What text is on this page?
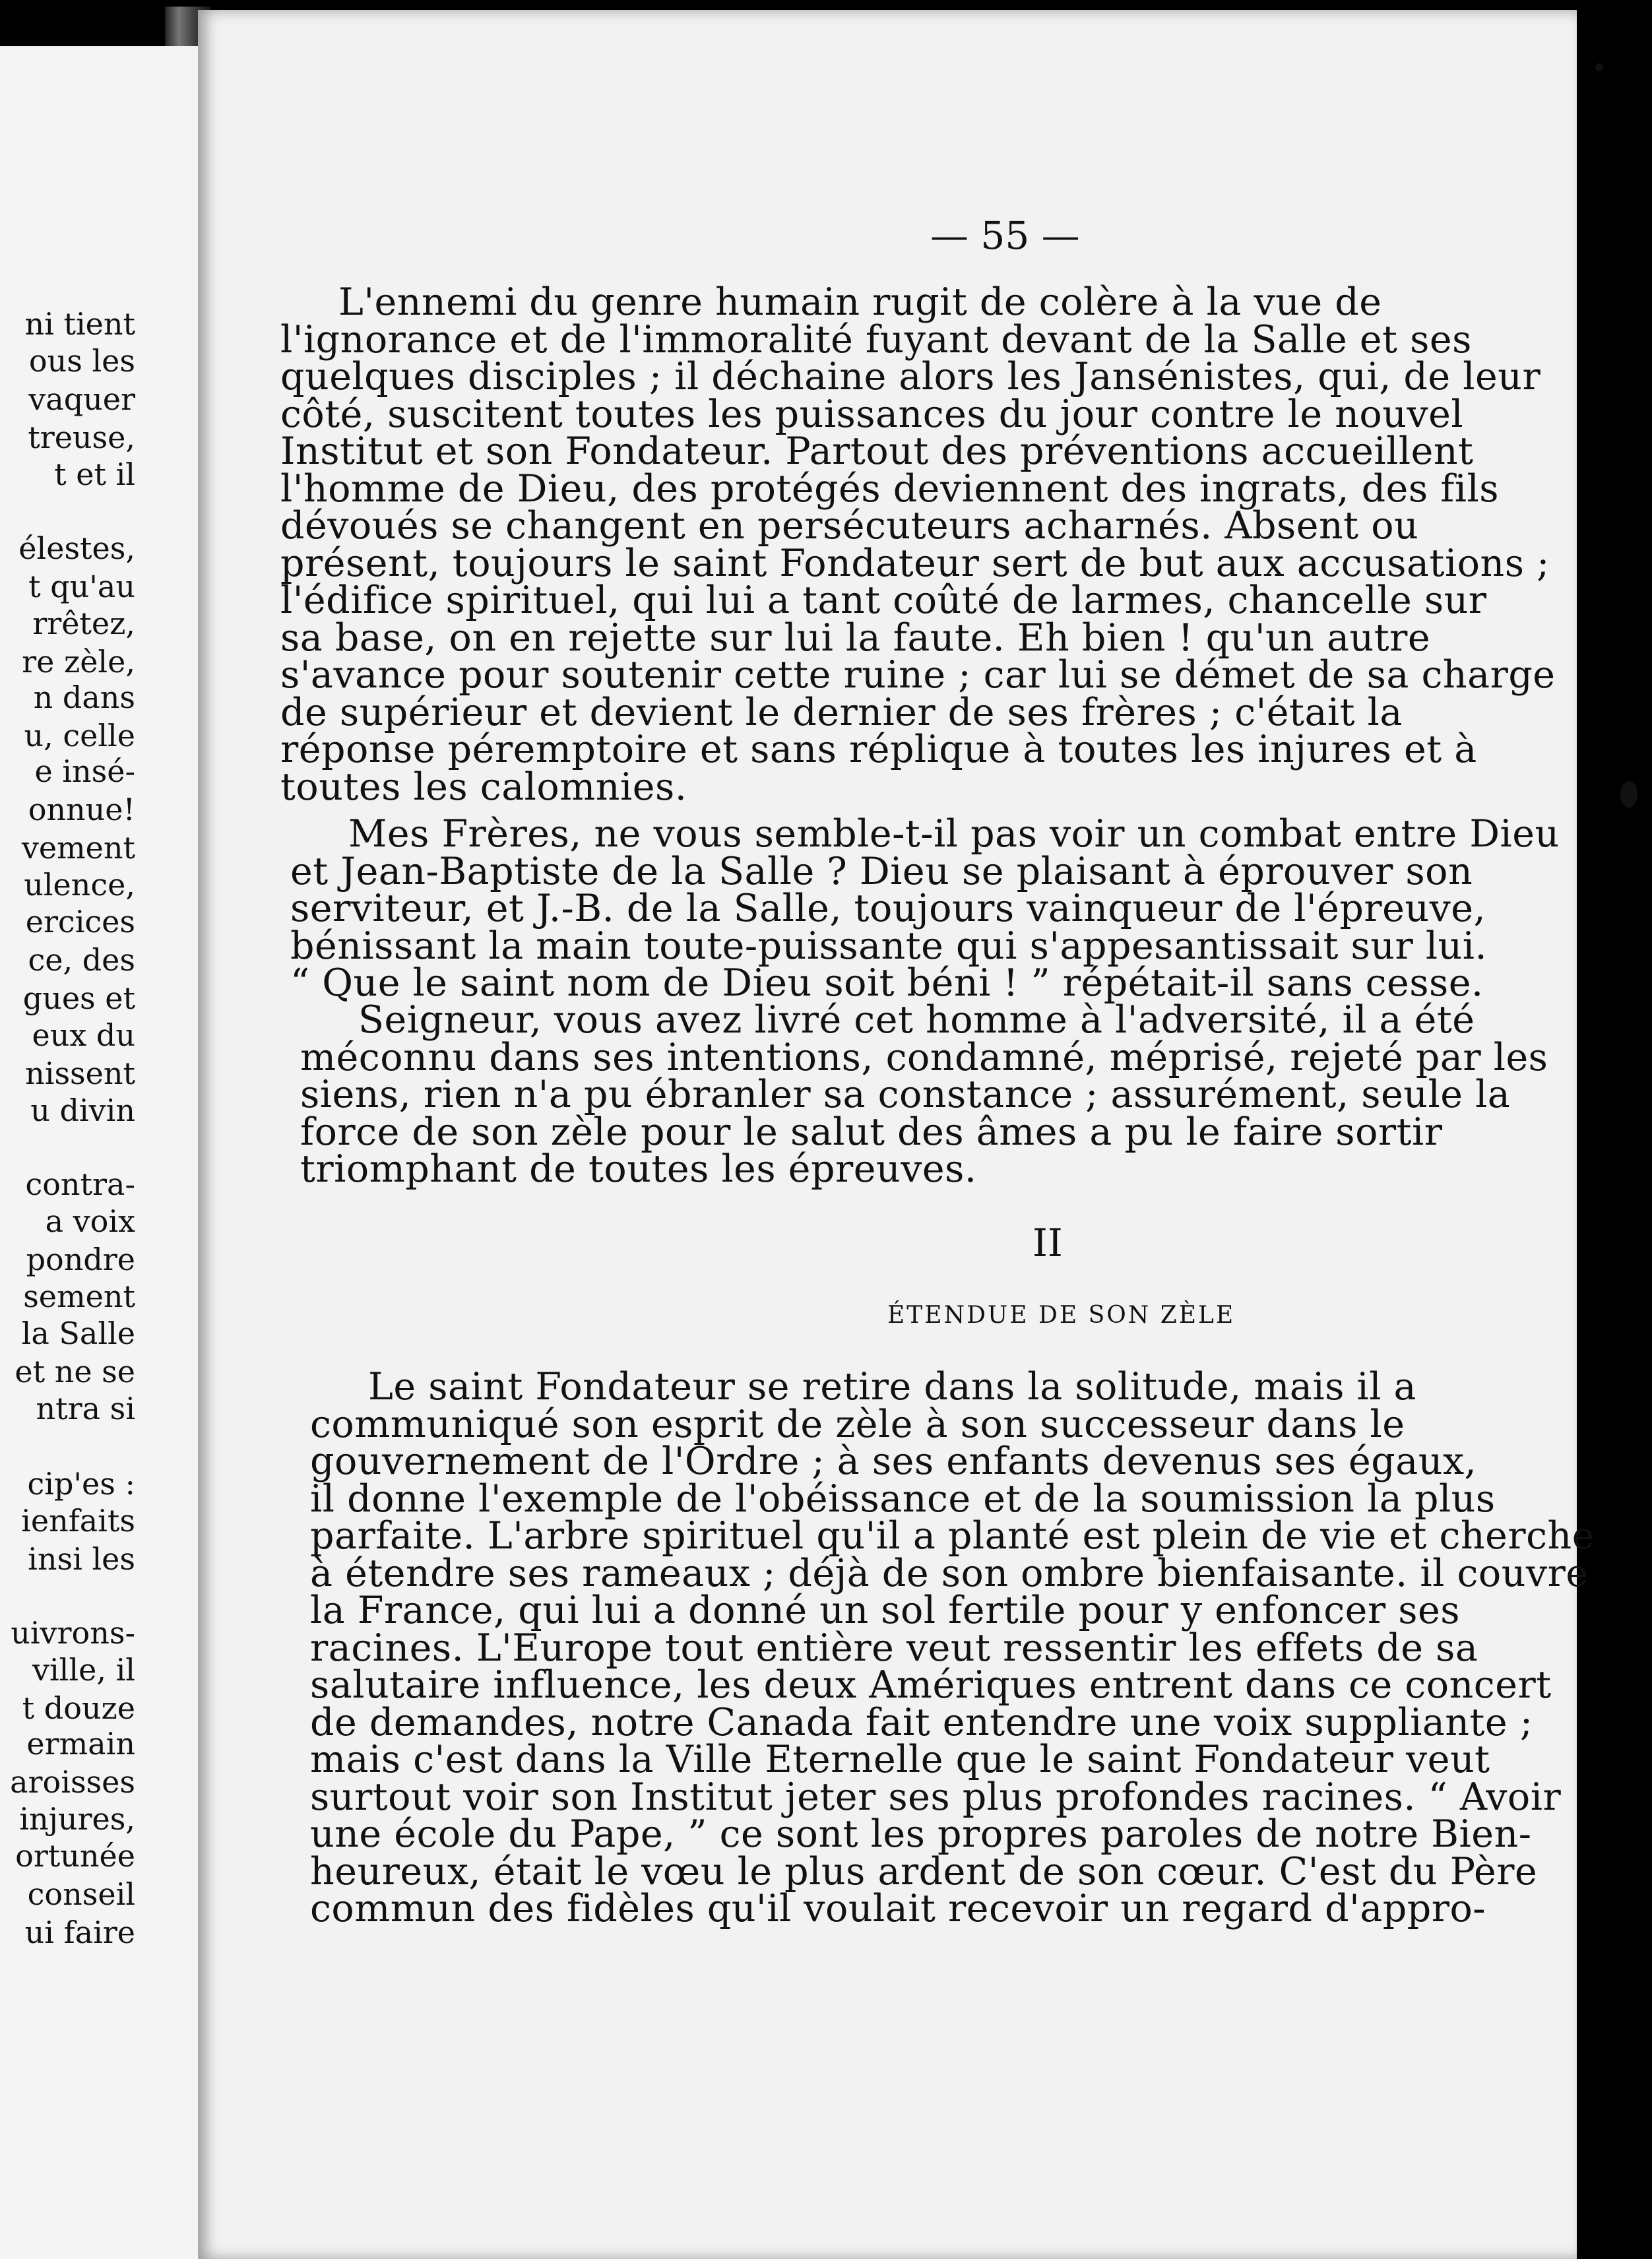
ni tient
ous les
vaquer
treuse,
t et il
élestes,
t qu'au
rrêtez,
re zèle,
n dans
u, celle
e insé-
onnue!
vement
ulence,
ercices
ce, des
gues et
eux du
nissent
u divin
contra-
a voix
pondre
sement
la Salle
et ne se
ntra si
cip'es :
ienfaits
insi les
uivrons-
ville, il
t douze
ermain
aroisses
injures,
ortunée
conseil
ui faire
— 55 —
II
ÉTENDUE DE SON ZÈLE
L'ennemi du genre humain rugit de colère à la vue de
l'ignorance et de l'immoralité fuyant devant de la Salle et ses
quelques disciples ; il déchaine alors les Jansénistes, qui, de leur
côté, suscitent toutes les puissances du jour contre le nouvel
Institut et son Fondateur. Partout des préventions accueillent
l'homme de Dieu, des protégés deviennent des ingrats, des fils
dévoués se changent en persécuteurs acharnés. Absent ou
présent, toujours le saint Fondateur sert de but aux accusations ;
l'édifice spirituel, qui lui a tant coûté de larmes, chancelle sur
sa base, on en rejette sur lui la faute. Eh bien ! qu'un autre
s'avance pour soutenir cette ruine ; car lui se démet de sa charge
de supérieur et devient le dernier de ses frères ; c'était la
réponse péremptoire et sans réplique à toutes les injures et à
toutes les calomnies.
Mes Frères, ne vous semble-t-il pas voir un combat entre Dieu
et Jean-Baptiste de la Salle ? Dieu se plaisant à éprouver son
serviteur, et J.-B. de la Salle, toujours vainqueur de l'épreuve,
bénissant la main toute-puissante qui s'appesantissait sur lui.
“ Que le saint nom de Dieu soit béni ! ” répétait-il sans cesse.
Seigneur, vous avez livré cet homme à l'adversité, il a été
méconnu dans ses intentions, condamné, méprisé, rejeté par les
siens, rien n'a pu ébranler sa constance ; assurément, seule la
force de son zèle pour le salut des âmes a pu le faire sortir
triomphant de toutes les épreuves.
Le saint Fondateur se retire dans la solitude, mais il a
communiqué son esprit de zèle à son successeur dans le
gouvernement de l'Ordre ; à ses enfants devenus ses égaux,
il donne l'exemple de l'obéissance et de la soumission la plus
parfaite. L'arbre spirituel qu'il a planté est plein de vie et cherche
à étendre ses rameaux ; déjà de son ombre bienfaisante. il couvre
la France, qui lui a donné un sol fertile pour y enfoncer ses
racines. L'Europe tout entière veut ressentir les effets de sa
salutaire influence, les deux Amériques entrent dans ce concert
de demandes, notre Canada fait entendre une voix suppliante ;
mais c'est dans la Ville Eternelle que le saint Fondateur veut
surtout voir son Institut jeter ses plus profondes racines. “ Avoir
une école du Pape, ” ce sont les propres paroles de notre Bien-
heureux, était le vœu le plus ardent de son cœur. C'est du Père
commun des fidèles qu'il voulait recevoir un regard d'appro-
